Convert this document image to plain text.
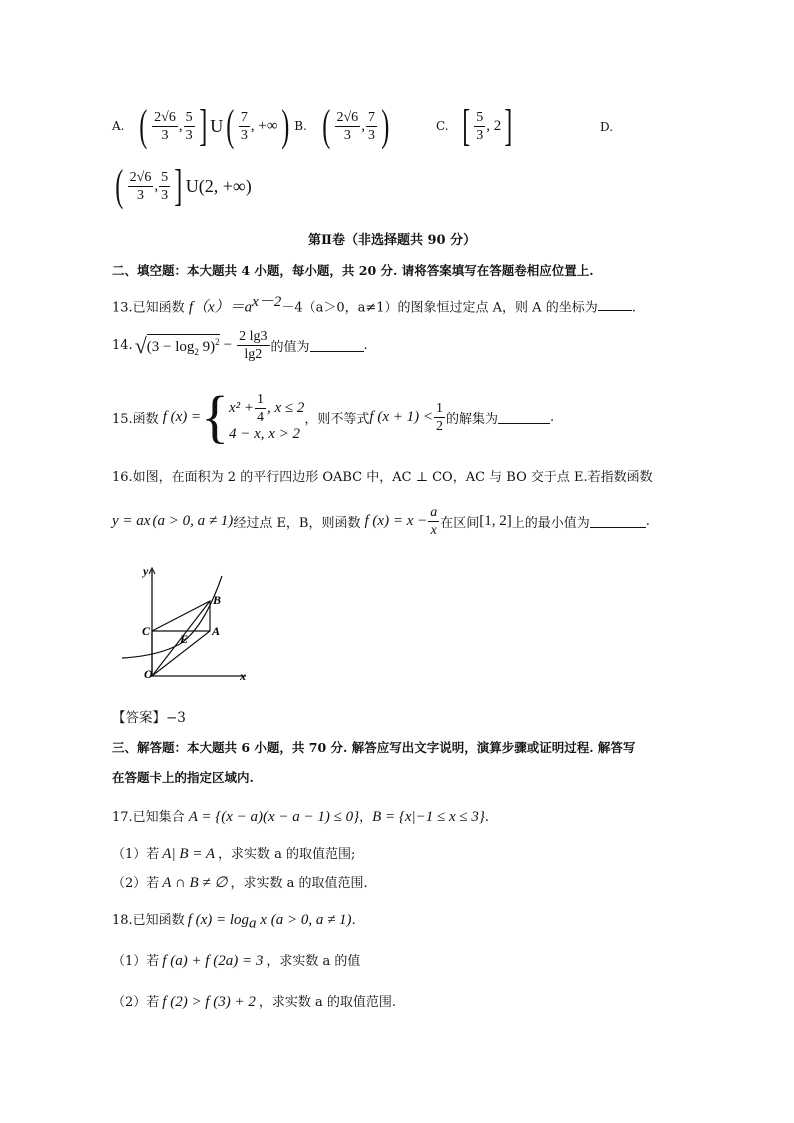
A. ( $\frac{2√6}{3}$ , $\frac{5}{3}$ ] U ( $\frac{7}{3}$ , +∞ ) B. ( $\frac{2√6}{3}$ , $\frac{7}{3}$ )	C. [ $\frac{5}{3}$ , 2 ]	D.
( $\frac{2√6}{3}$ , $\frac{5}{3}$ ] U (2, +∞)
第Ⅱ卷（非选择题共 90 分）
二、填空题：本大题共 4 小题，每小题，共 20 分. 请将答案填写在答题卷相应位置上.
13.已知函数 $f(x)=a^{x-2}-4(a>0$，a≠1）的图象恒过定点 A，则 A 的坐标为	.
14. √ $(3 - \log_2 9)^2 - \frac{2 \lg 3}{\lg 2}$ 的值为	.
15.函数 f (x) = { $x^2 + \frac{1}{4}$ , x ≤ 2
4 − x, x > 2
，则不等式 f $(x + 1) < \frac{1}{2}$ 的解集为	.
16.如图，在面积为 2 的平行四边形 OABC 中，AC ⊥ CO，AC 与 BO 交于点 E.若指数函数
y = a x (a > 0, a ≠ 1) 经过点 E，B，则函数 f $(x) = x - \frac{a}{x}$ 在区间 [1, 2] 上的最小值为	.
y
x
O
C	A
B
E
【答案】−3
三、解答题：本大题共 6 小题，共 70 分. 解答应写出文字说明，演算步骤或证明过程. 解答写
在答题卡上的指定区域内.
17.已知集合 A = {(x − a)(x − a − 1) ≤ 0}，B = {x|−1 ≤ x ≤ 3}.
（1）若 A| B = A ，求实数 a 的取值范围;
（2）若 A ∩ B ≠ ∅ ，求实数 a 的取值范围.
18.已知函数 f $(x) = \log_a x$ (a > 0, a ≠ 1).
（1）若 f (a) + f (2a) = 3 ，求实数 a 的值
（2）若 f (2) > f (3) + 2 ，求实数 a 的取值范围.
